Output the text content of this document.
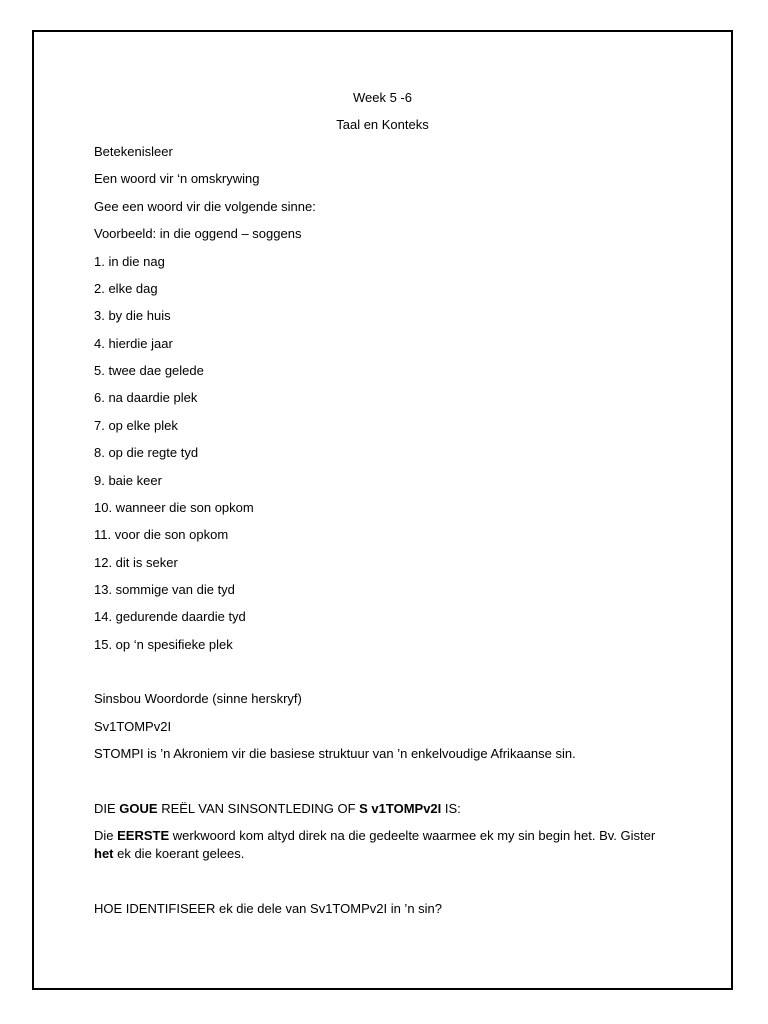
Week 5 -6
Taal en Konteks
Betekenisleer
Een woord vir ‘n omskrywing
Gee een woord vir die volgende sinne:
Voorbeeld: in die oggend – soggens
1. in die nag
2. elke dag
3. by die huis
4. hierdie jaar
5. twee dae gelede
6. na daardie plek
7. op elke plek
8. op die regte tyd
9. baie keer
10. wanneer die son opkom
11. voor die son opkom
12. dit is seker
13. sommige van die tyd
14. gedurende daardie tyd
15. op ‘n spesifieke plek
Sinsbou Woordorde (sinne herskryf)
Sv1TOMPv2I
STOMPI is ’n Akroniem vir die basiese struktuur van ’n enkelvoudige Afrikaanse sin.
DIE GOUE REËL VAN SINSONTLEDING OF S v1TOMPv2I IS:
Die EERSTE werkwoord kom altyd direk na die gedeelte waarmee ek my sin begin het. Bv. Gister het ek die koerant gelees.
HOE IDENTIFISEER ek die dele van Sv1TOMPv2I in ’n sin?
